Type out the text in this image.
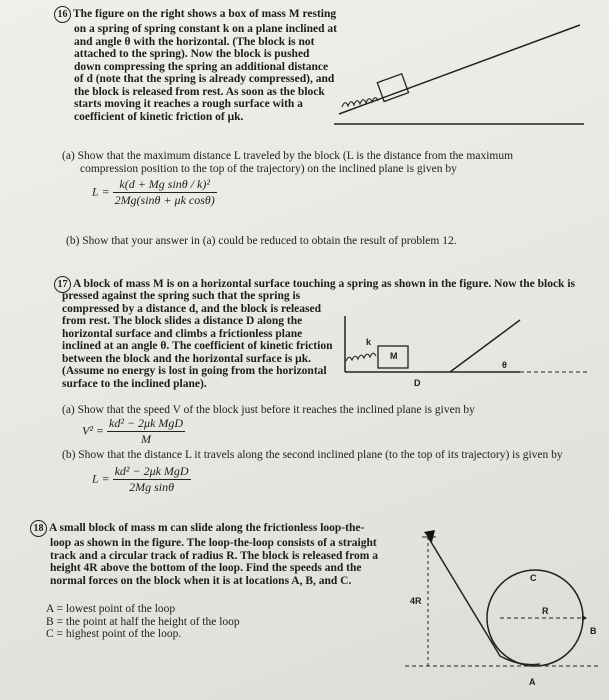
16 The figure on the right shows a box of mass M resting
on a spring of spring constant k on a plane inclined at
and angle θ with the horizontal. (The block is not
attached to the spring). Now the block is pushed
down compressing the spring an additional distance
of d (note that the spring is already compressed), and
the block is released from rest. As soon as the block
starts moving it reaches a rough surface with a
coefficient of kinetic friction of μk.
(a) Show that the maximum distance L traveled by the block (L is the distance from the maximum
compression position to the top of the trajectory) on the inclined plane is given by
$L = \frac{\text{k(d + Mg sinθ / k)²}}{\text{2Mg(sinθ + μk cosθ)}}$
(b) Show that your answer in (a) could be reduced to obtain the result of problem 12.
17 A block of mass M is on a horizontal surface touching a spring as shown in the figure. Now the block is
pressed against the spring such that the spring is
compressed by a distance d, and the block is released
from rest. The block slides a distance D along the
horizontal surface and climbs a frictionless plane
inclined at an angle θ. The coefficient of kinetic friction
between the block and the horizontal surface is μk.
(Assume no energy is lost in going from the horizontal
surface to the inclined plane).
k
M
θ
D
(a) Show that the speed V of the block just before it reaches the inclined plane is given by
$V^2 = \frac{\text{kd² − 2μk MgD}}{M}$
(b) Show that the distance L it travels along the second inclined plane (to the top of its trajectory) is given by
$L = \frac{\text{kd² − 2μk MgD}}{\text{2Mg sinθ}}$
18 A small block of mass m can slide along the frictionless loop-the-
loop as shown in the figure. The loop-the-loop consists of a straight
track and a circular track of radius R. The block is released from a
height 4R above the bottom of the loop. Find the speeds and the
normal forces on the block when it is at locations A, B, and C.
A = lowest point of the loop
B = the point at half the height of the loop
C = highest point of the loop.
4R
R
A
B
C
